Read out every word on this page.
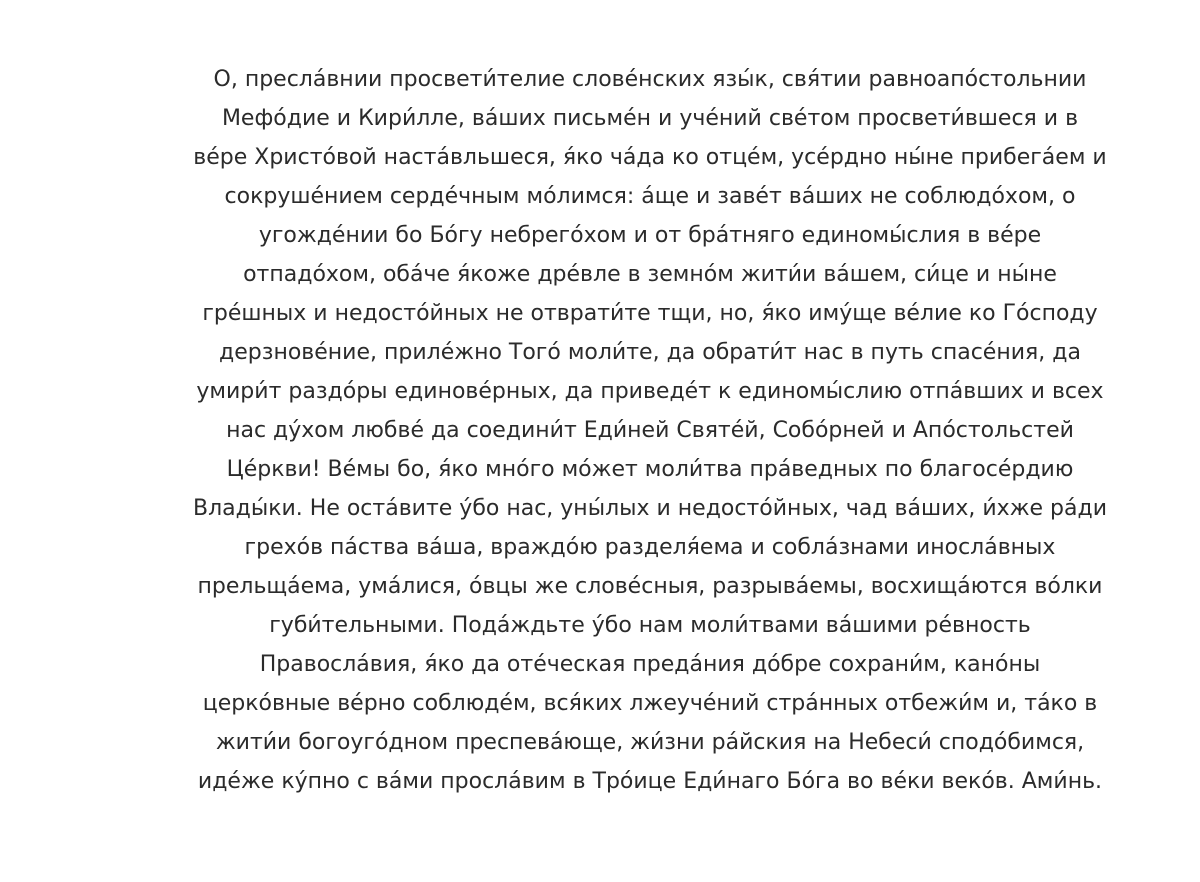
О, пресла́внии просвети́телие слове́нских язы́к, свя́тии равноапо́стольнии
Мефо́дие и Кири́лле, ва́ших письме́н и уче́ний све́том просвети́вшеся и в
ве́ре Христо́вой наста́вльшеся, я́ко ча́да ко отце́м, усе́рдно ны́не прибега́ем и
сокруше́нием серде́чным мо́лимся: а́ще и заве́т ва́ших не соблюдо́хом, о
угожде́нии бо Бо́гу небрего́хом и от бра́тняго единомы́слия в ве́ре
отпадо́хом, оба́че я́коже дре́вле в земно́м жити́и ва́шем, си́це и ны́не
гре́шных и недосто́йных не отврати́те тщи, но, я́ко иму́ще ве́лие ко Го́споду
дерзнове́ние, приле́жно Того́ моли́те, да обрати́т нас в путь спасе́ния, да
умири́т раздо́ры единове́рных, да приведе́т к единомы́слию отпа́вших и всех
нас ду́хом любве́ да соедини́т Еди́ней Святе́й, Собо́рней и Апо́стольстей
Це́ркви! Ве́мы бо, я́ко мно́го мо́жет моли́тва пра́ведных по благосе́рдию
Влады́ки. Не оста́вите у́бо нас, уны́лых и недосто́йных, чад ва́ших, и́хже ра́ди
грехо́в па́ства ва́ша, враждо́ю разделя́ема и собла́знами иносла́вных
прельща́ема, ума́лися, о́вцы же слове́сныя, разрыва́емы, восхища́ются во́лки
губи́тельными. Пода́ждьте у́бо нам моли́твами ва́шими ре́вность
Правосла́вия, я́ко да оте́ческая преда́ния до́бре сохрани́м, кано́ны
церко́вные ве́рно соблюде́м, вся́ких лжеуче́ний стра́нных отбежи́м и, та́ко в
жити́и богоуго́дном преспева́юще, жи́зни ра́йския на Небеси́ сподо́бимся,
иде́же ку́пно с ва́ми просла́вим в Тро́ице Еди́наго Бо́га во ве́ки веко́в. Ами́нь.
